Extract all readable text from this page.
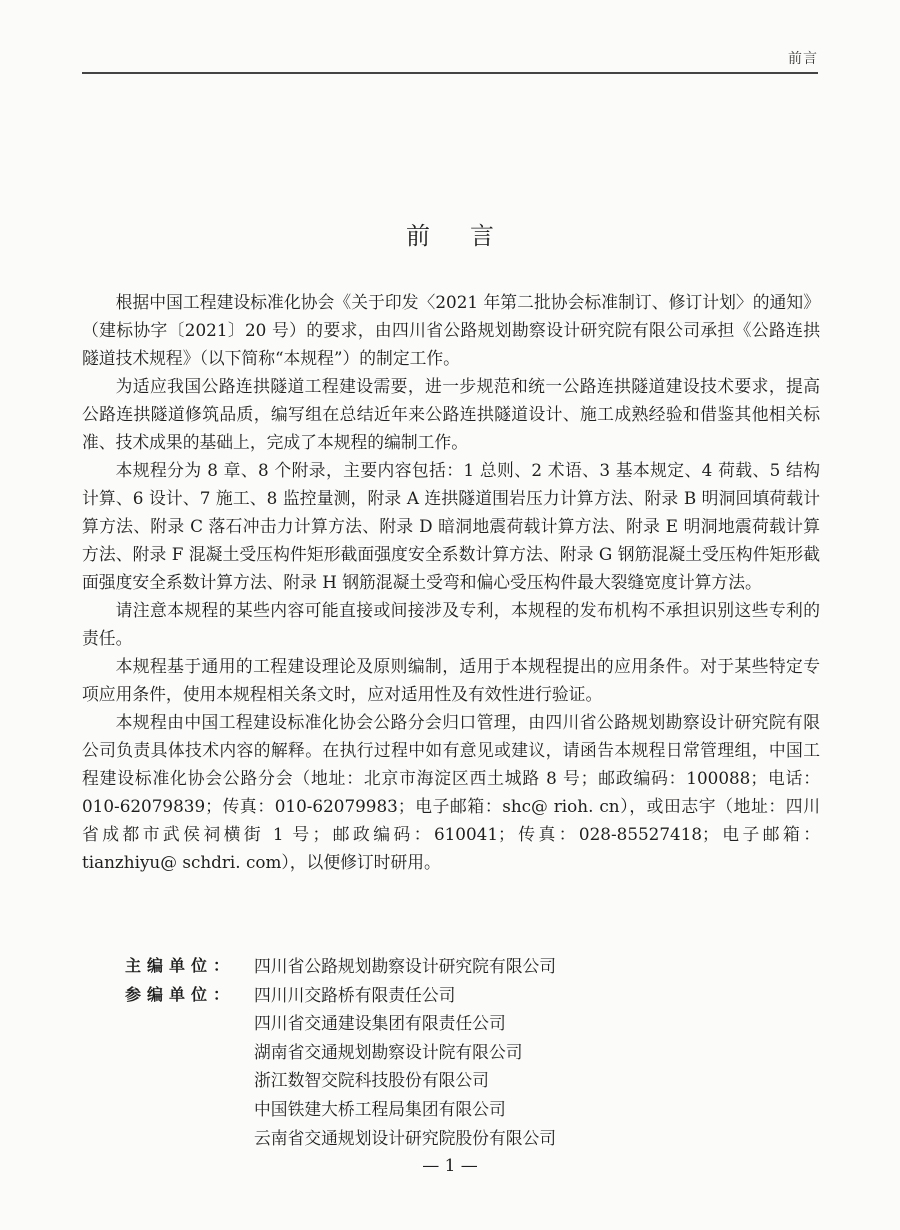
前言
前言

根据中国工程建设标准化协会《关于印发〈2021 年第二批协会标准制订、修订计划〉的通知》（建标协字〔2021〕20 号）的要求，由四川省公路规划勘察设计研究院有限公司承担《公路连拱隧道技术规程》（以下简称“本规程”）的制定工作。

为适应我国公路连拱隧道工程建设需要，进一步规范和统一公路连拱隧道建设技术要求，提高公路连拱隧道修筑品质，编写组在总结近年来公路连拱隧道设计、施工成熟经验和借鉴其他相关标准、技术成果的基础上，完成了本规程的编制工作。

本规程分为 8 章、8 个附录，主要内容包括：1 总则、2 术语、3 基本规定、4 荷载、5 结构计算、6 设计、7 施工、8 监控量测，附录 A 连拱隧道围岩压力计算方法、附录 B 明洞回填荷载计算方法、附录 C 落石冲击力计算方法、附录 D 暗洞地震荷载计算方法、附录 E 明洞地震荷载计算方法、附录 F 混凝土受压构件矩形截面强度安全系数计算方法、附录 G 钢筋混凝土受压构件矩形截面强度安全系数计算方法、附录 H 钢筋混凝土受弯和偏心受压构件最大裂缝宽度计算方法。

请注意本规程的某些内容可能直接或间接涉及专利，本规程的发布机构不承担识别这些专利的责任。

本规程基于通用的工程建设理论及原则编制，适用于本规程提出的应用条件。对于某些特定专项应用条件，使用本规程相关条文时，应对适用性及有效性进行验证。

本规程由中国工程建设标准化协会公路分会归口管理，由四川省公路规划勘察设计研究院有限公司负责具体技术内容的解释。在执行过程中如有意见或建议，请函告本规程日常管理组，中国工程建设标准化协会公路分会（地址：北京市海淀区西土城路 8 号；邮政编码：100088；电话：010-62079839；传真：010-62079983；电子邮箱：shc@ rioh. cn），或田志宇（地址：四川省成都市武侯祠横街 1 号；邮政编码：610041；传真：028-85527418；电子邮箱：tianzhiyu@ schdri. com），以便修订时研用。

主编单位：	四川省公路规划勘察设计研究院有限公司
参编单位：	四川川交路桥有限责任公司
四川省交通建设集团有限责任公司
湖南省交通规划勘察设计院有限公司
浙江数智交院科技股份有限公司
中国铁建大桥工程局集团有限公司
云南省交通规划设计研究院股份有限公司
— 1 —
